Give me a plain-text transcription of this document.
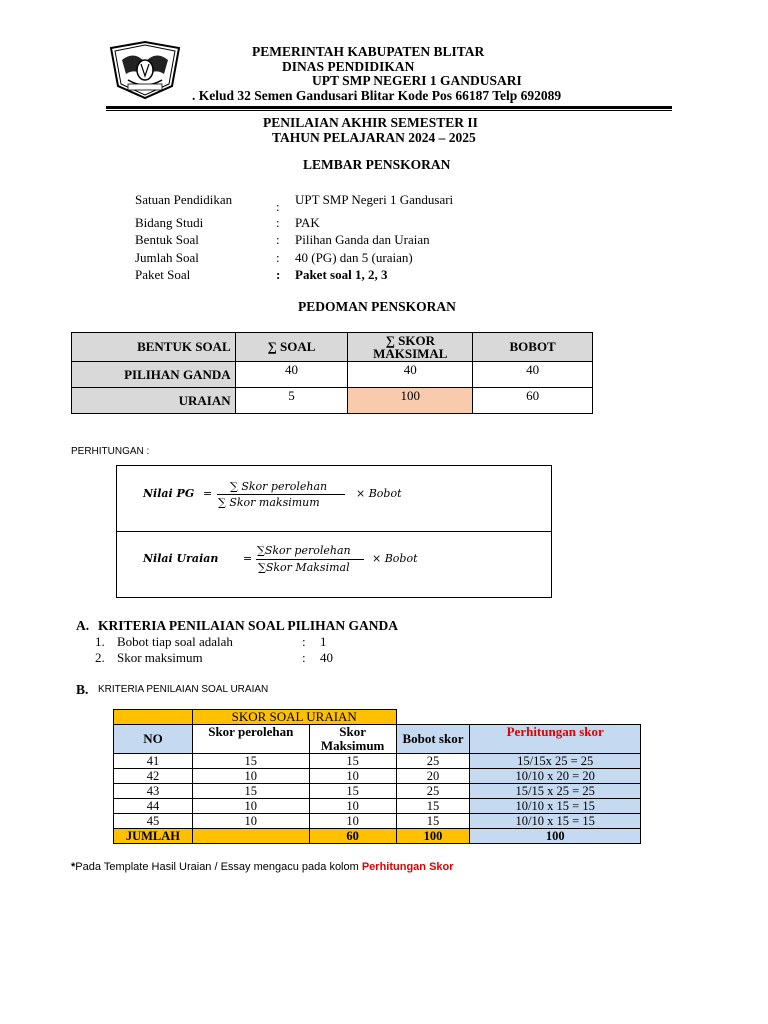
PEMERINTAH KABUPATEN BLITAR
DINAS PENDIDIKAN
UPT SMP NEGERI 1 GANDUSARI
. Kelud 32 Semen Gandusari Blitar Kode Pos 66187 Telp 692089
PENILAIAN AKHIR SEMESTER II
TAHUN PELAJARAN 2024 – 2025
LEMBAR PENSKORAN
Satuan Pendidikan	: UPT SMP Negeri 1 Gandusari
Bidang Studi	: PAK
Bentuk Soal	: Pilihan Ganda dan Uraian
Jumlah Soal	: 40 (PG) dan 5 (uraian)
Paket Soal	: Paket soal 1, 2, 3
PEDOMAN PENSKORAN
BENTUK SOAL	∑ SOAL	∑ SKOR MAKSIMAL	BOBOT
PILIHAN GANDA	40	40	40
URAIAN	5	100	60
PERHITUNGAN :
Nilai PG =
∑ Skor perolehan
∑ Skor maksimum
× Bobot
Nilai Uraian =
∑Skor perolehan
∑Skor Maksimal
× Bobot
A. KRITERIA PENILAIAN SOAL PILIHAN GANDA
1. Bobot tiap soal adalah	: 1
2. Skor maksimum	: 40
B. KRITERIA PENILAIAN SOAL URAIAN
	SKOR SOAL URAIAN			
NO	Skor perolehan	Skor Maksimum	Bobot skor	Perhitungan skor
41	15	15	25	15/15x 25 = 25
42	10	10	20	10/10 x 20 = 20
43	15	15	25	15/15 x 25 = 25
44	10	10	15	10/10 x 15 = 15
45	10	10	15	10/10 x 15 = 15
JUMLAH		60	100	100
*Pada Template Hasil Uraian / Essay mengacu pada kolom Perhitungan Skor
